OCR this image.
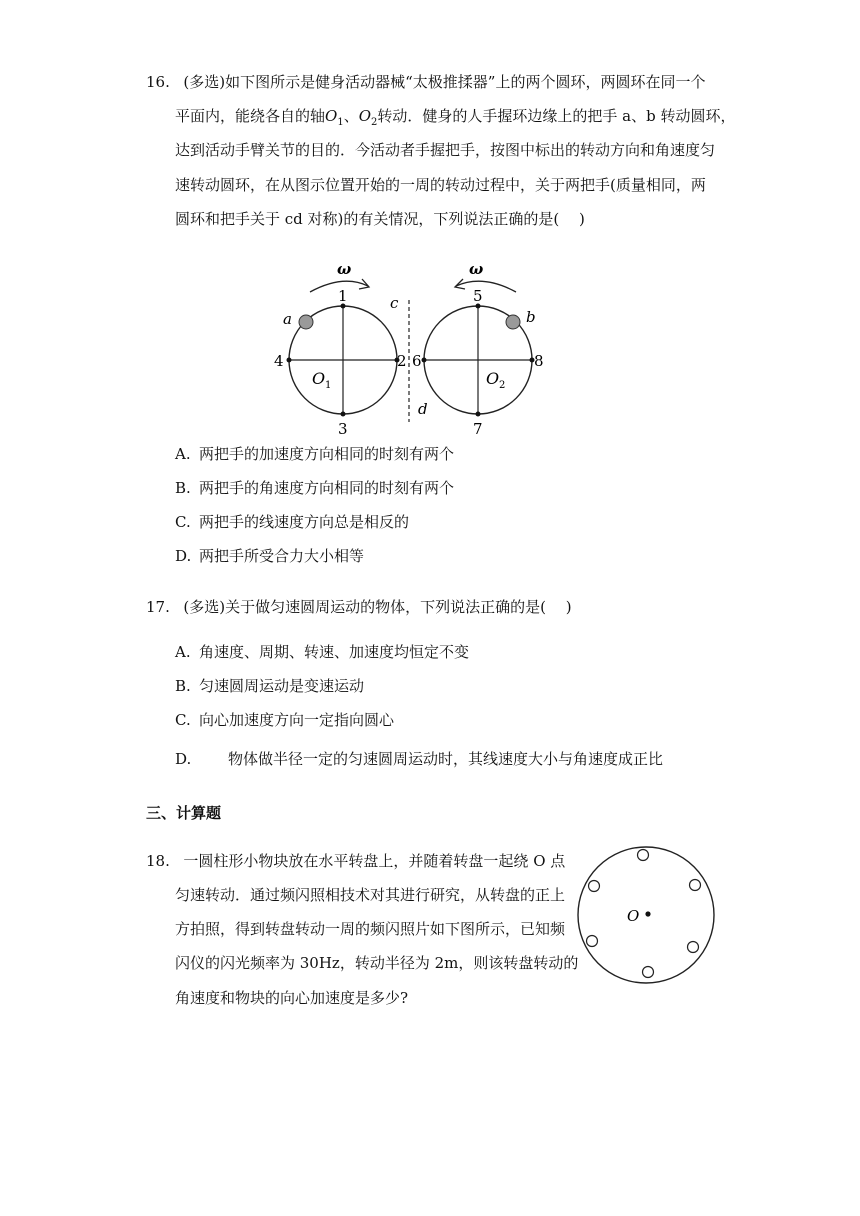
16. (多选)如下图所示是健身活动器械“太极推揉器”上的两个圆环，两圆环在同一个
平面内，能绕各自的轴$O_1$、$O_2$转动．健身的人手握环边缘上的把手 a、b 转动圆环，
达到活动手臂关节的目的．今活动者手握把手，按图中标出的转动方向和角速度匀
速转动圆环，在从图示位置开始的一周的转动过程中，关于两把手(质量相同，两
圆环和把手关于 cd 对称)的有关情况，下列说法正确的是(　 )
ω	ω
a
1
3
4	2
O 1
c
d
b
5
7
6	8
O 2
A. 两把手的加速度方向相同的时刻有两个
B. 两把手的角速度方向相同的时刻有两个
C. 两把手的线速度方向总是相反的
D. 两把手所受合力大小相等
17. (多选)关于做匀速圆周运动的物体，下列说法正确的是(　 )
A. 角速度、周期、转速、加速度均恒定不变
B. 匀速圆周运动是变速运动
C. 向心加速度方向一定指向圆心
D. 物体做半径一定的匀速圆周运动时，其线速度大小与角速度成正比
三、计算题
18. 一圆柱形小物块放在水平转盘上，并随着转盘一起绕 O 点
匀速转动．通过频闪照相技术对其进行研究，从转盘的正上
方拍照，得到转盘转动一周的频闪照片如下图所示，已知频
闪仪的闪光频率为 30Hz，转动半径为 2m，则该转盘转动的
角速度和物块的向心加速度是多少?
O
